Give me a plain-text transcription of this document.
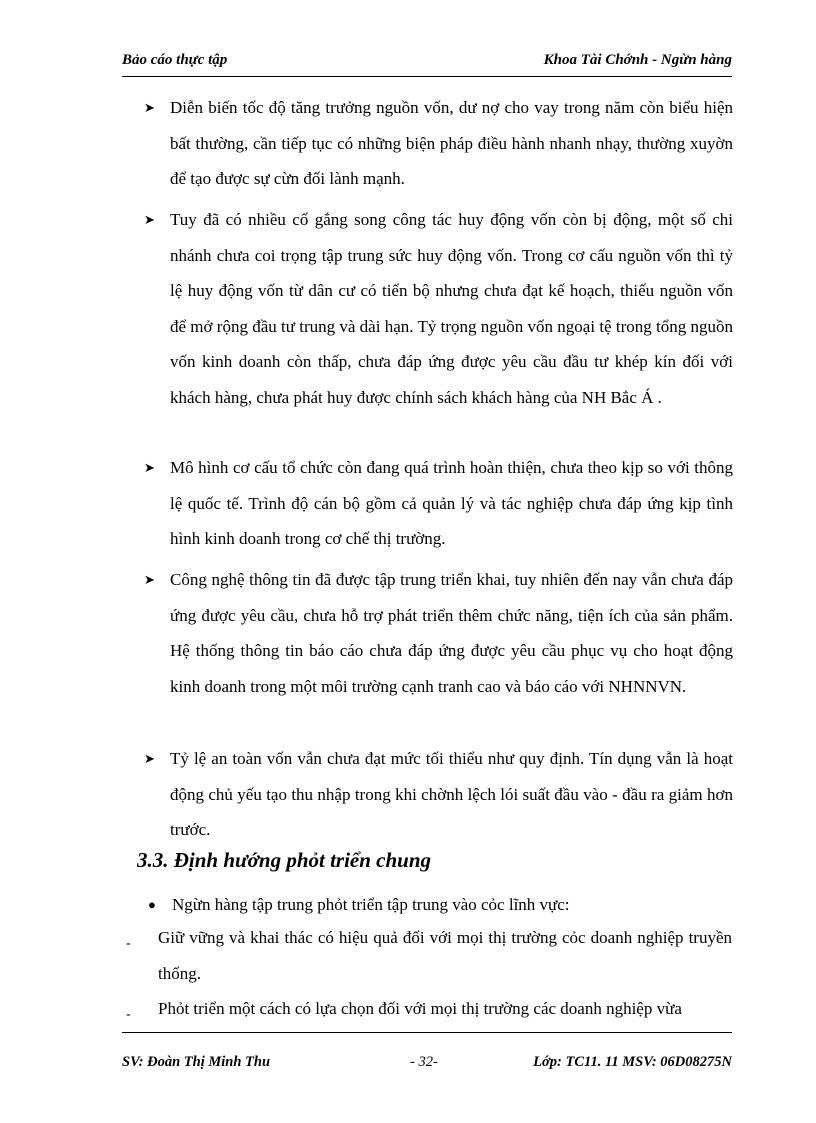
Bảo cáo thực tập	Khoa Tài Chớnh - Ngừn hàng
➤ Diễn biến tốc độ tăng trưởng nguồn vốn, dư nợ cho vay trong năm còn biểu hiện bất thường, cần tiếp tục có những biện pháp điều hành nhanh nhạy, thường xuyờn để tạo được sự cừn đối lành mạnh.
➤ Tuy đã có nhiều cố gắng song công tác huy động vốn còn bị động, một số chi nhánh chưa coi trọng tập trung sức huy động vốn. Trong cơ cấu nguồn vốn thì tỷ lệ huy động vốn từ dân cư có tiến bộ nhưng chưa đạt kế hoạch, thiếu nguồn vốn để mở rộng đầu tư trung và dài hạn. Tỷ trọng nguồn vốn ngoại tệ trong tổng nguồn vốn kinh doanh còn thấp, chưa đáp ứng được yêu cầu đầu tư khép kín đối với khách hàng, chưa phát huy được chính sách khách hàng của NH Bắc Á .
➤ Mô hình cơ cấu tổ chức còn đang quá trình hoàn thiện, chưa theo kịp so với thông lệ quốc tế. Trình độ cán bộ gồm cả quản lý và tác nghiệp chưa đáp ứng kịp tình hình kinh doanh trong cơ chế thị trường.
➤ Công nghệ thông tin đã được tập trung triển khai, tuy nhiên đến nay vẫn chưa đáp ứng được yêu cầu, chưa hỗ trợ phát triển thêm chức năng, tiện ích của sản phẩm. Hệ thống thông tin báo cáo chưa đáp ứng được yêu cầu phục vụ cho hoạt động kinh doanh trong một môi trường cạnh tranh cao và báo cáo với NHNNVN.
➤ Tỷ lệ an toàn vốn vẫn chưa đạt mức tối thiểu như quy định. Tín dụng vẫn là hoạt động chủ yếu tạo thu nhập trong khi chờnh lệch lói suất đầu vào - đầu ra giảm hơn trước.
3.3. Định hướng phỏt triển chung
● Ngừn hàng tập trung phỏt triển tập trung vào cỏc lĩnh vực:
- Giữ vững và khai thác có hiệu quả đối với mọi thị trường cỏc doanh nghiệp truyền thống.
- Phỏt triển một cách có lựa chọn đối với mọi thị trường các doanh nghiệp vừa
SV: Đoàn Thị Minh Thu	- 32-	Lớp: TC11. 11 MSV: 06D08275N
